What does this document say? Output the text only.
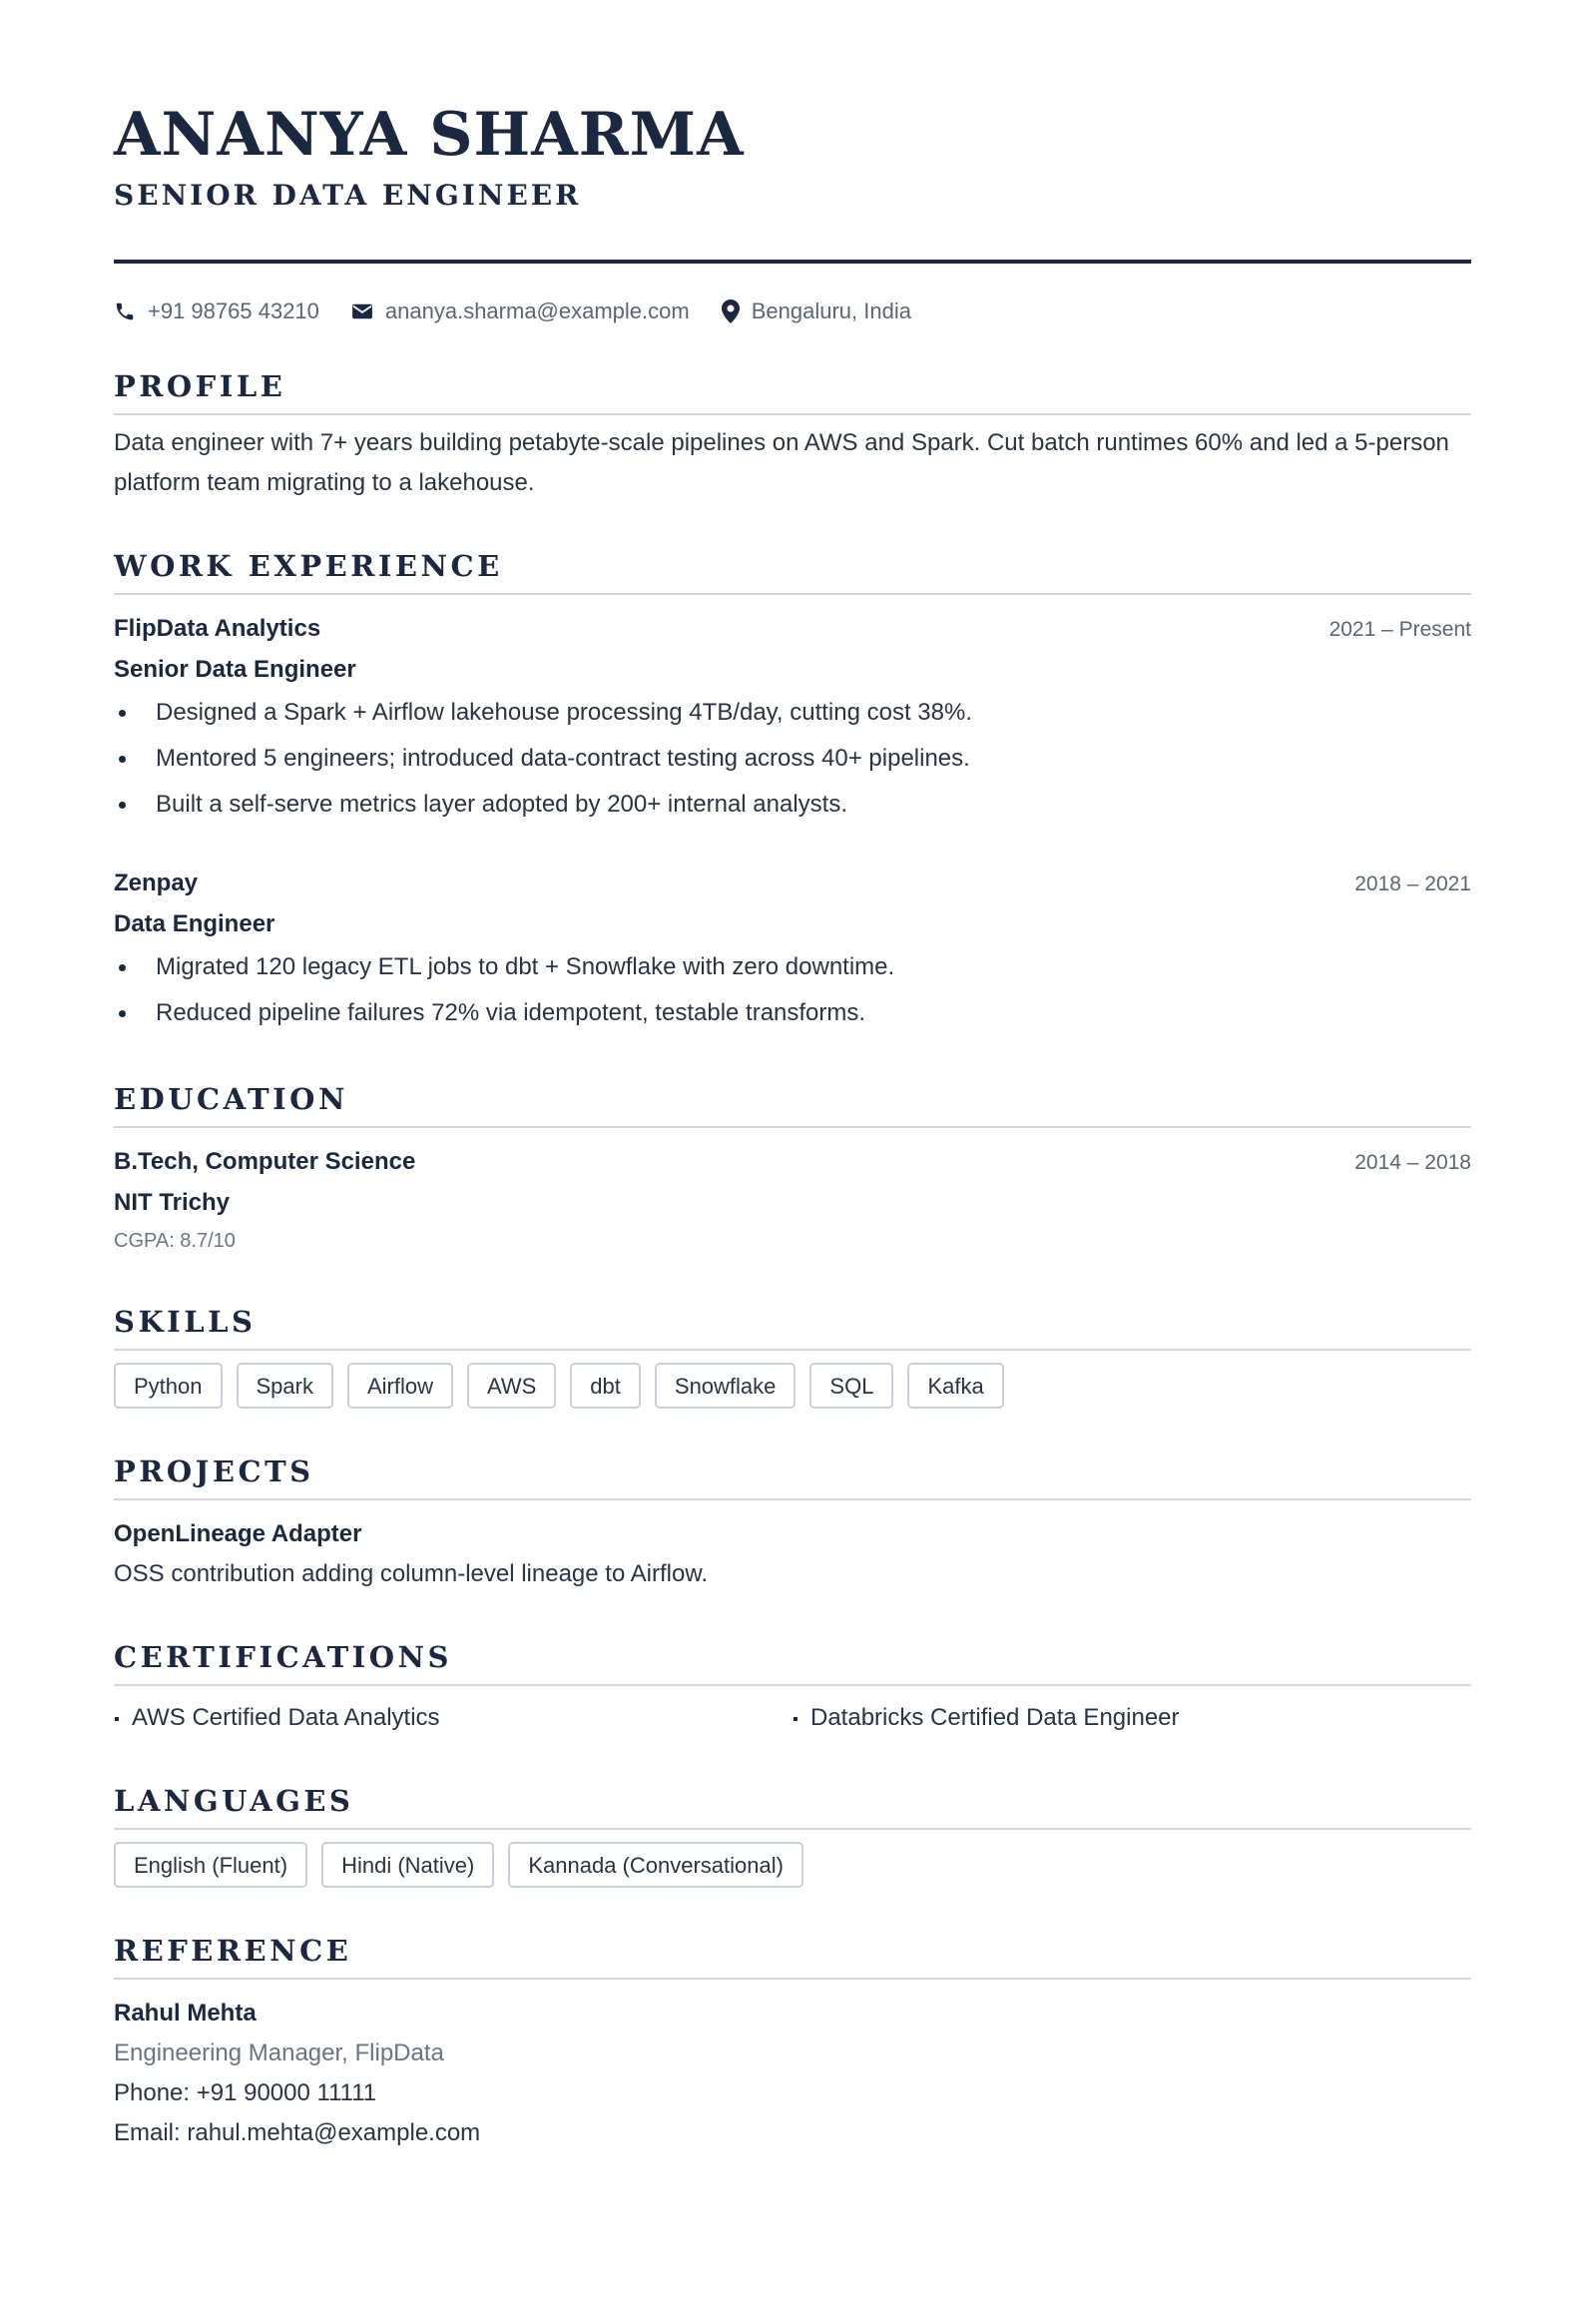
ANANYA SHARMA
SENIOR DATA ENGINEER
+91 98765 43210	ananya.sharma@example.com	Bengaluru, India
PROFILE
Data engineer with 7+ years building petabyte-scale pipelines on AWS and Spark. Cut batch runtimes 60% and led a 5-person platform team migrating to a lakehouse.
WORK EXPERIENCE
FlipData Analytics	2021 – Present
Senior Data Engineer
Designed a Spark + Airflow lakehouse processing 4TB/day, cutting cost 38%.
Mentored 5 engineers; introduced data-contract testing across 40+ pipelines.
Built a self-serve metrics layer adopted by 200+ internal analysts.
Zenpay	2018 – 2021
Data Engineer
Migrated 120 legacy ETL jobs to dbt + Snowflake with zero downtime.
Reduced pipeline failures 72% via idempotent, testable transforms.
EDUCATION
B.Tech, Computer Science	2014 – 2018
NIT Trichy
CGPA: 8.7/10
SKILLS
Python	Spark	Airflow	AWS	dbt	Snowflake	SQL	Kafka
PROJECTS
OpenLineage Adapter
OSS contribution adding column-level lineage to Airflow.
CERTIFICATIONS
AWS Certified Data Analytics	Databricks Certified Data Engineer
LANGUAGES
English (Fluent)	Hindi (Native)	Kannada (Conversational)
REFERENCE
Rahul Mehta
Engineering Manager, FlipData
Phone: +91 90000 11111
Email: rahul.mehta@example.com
